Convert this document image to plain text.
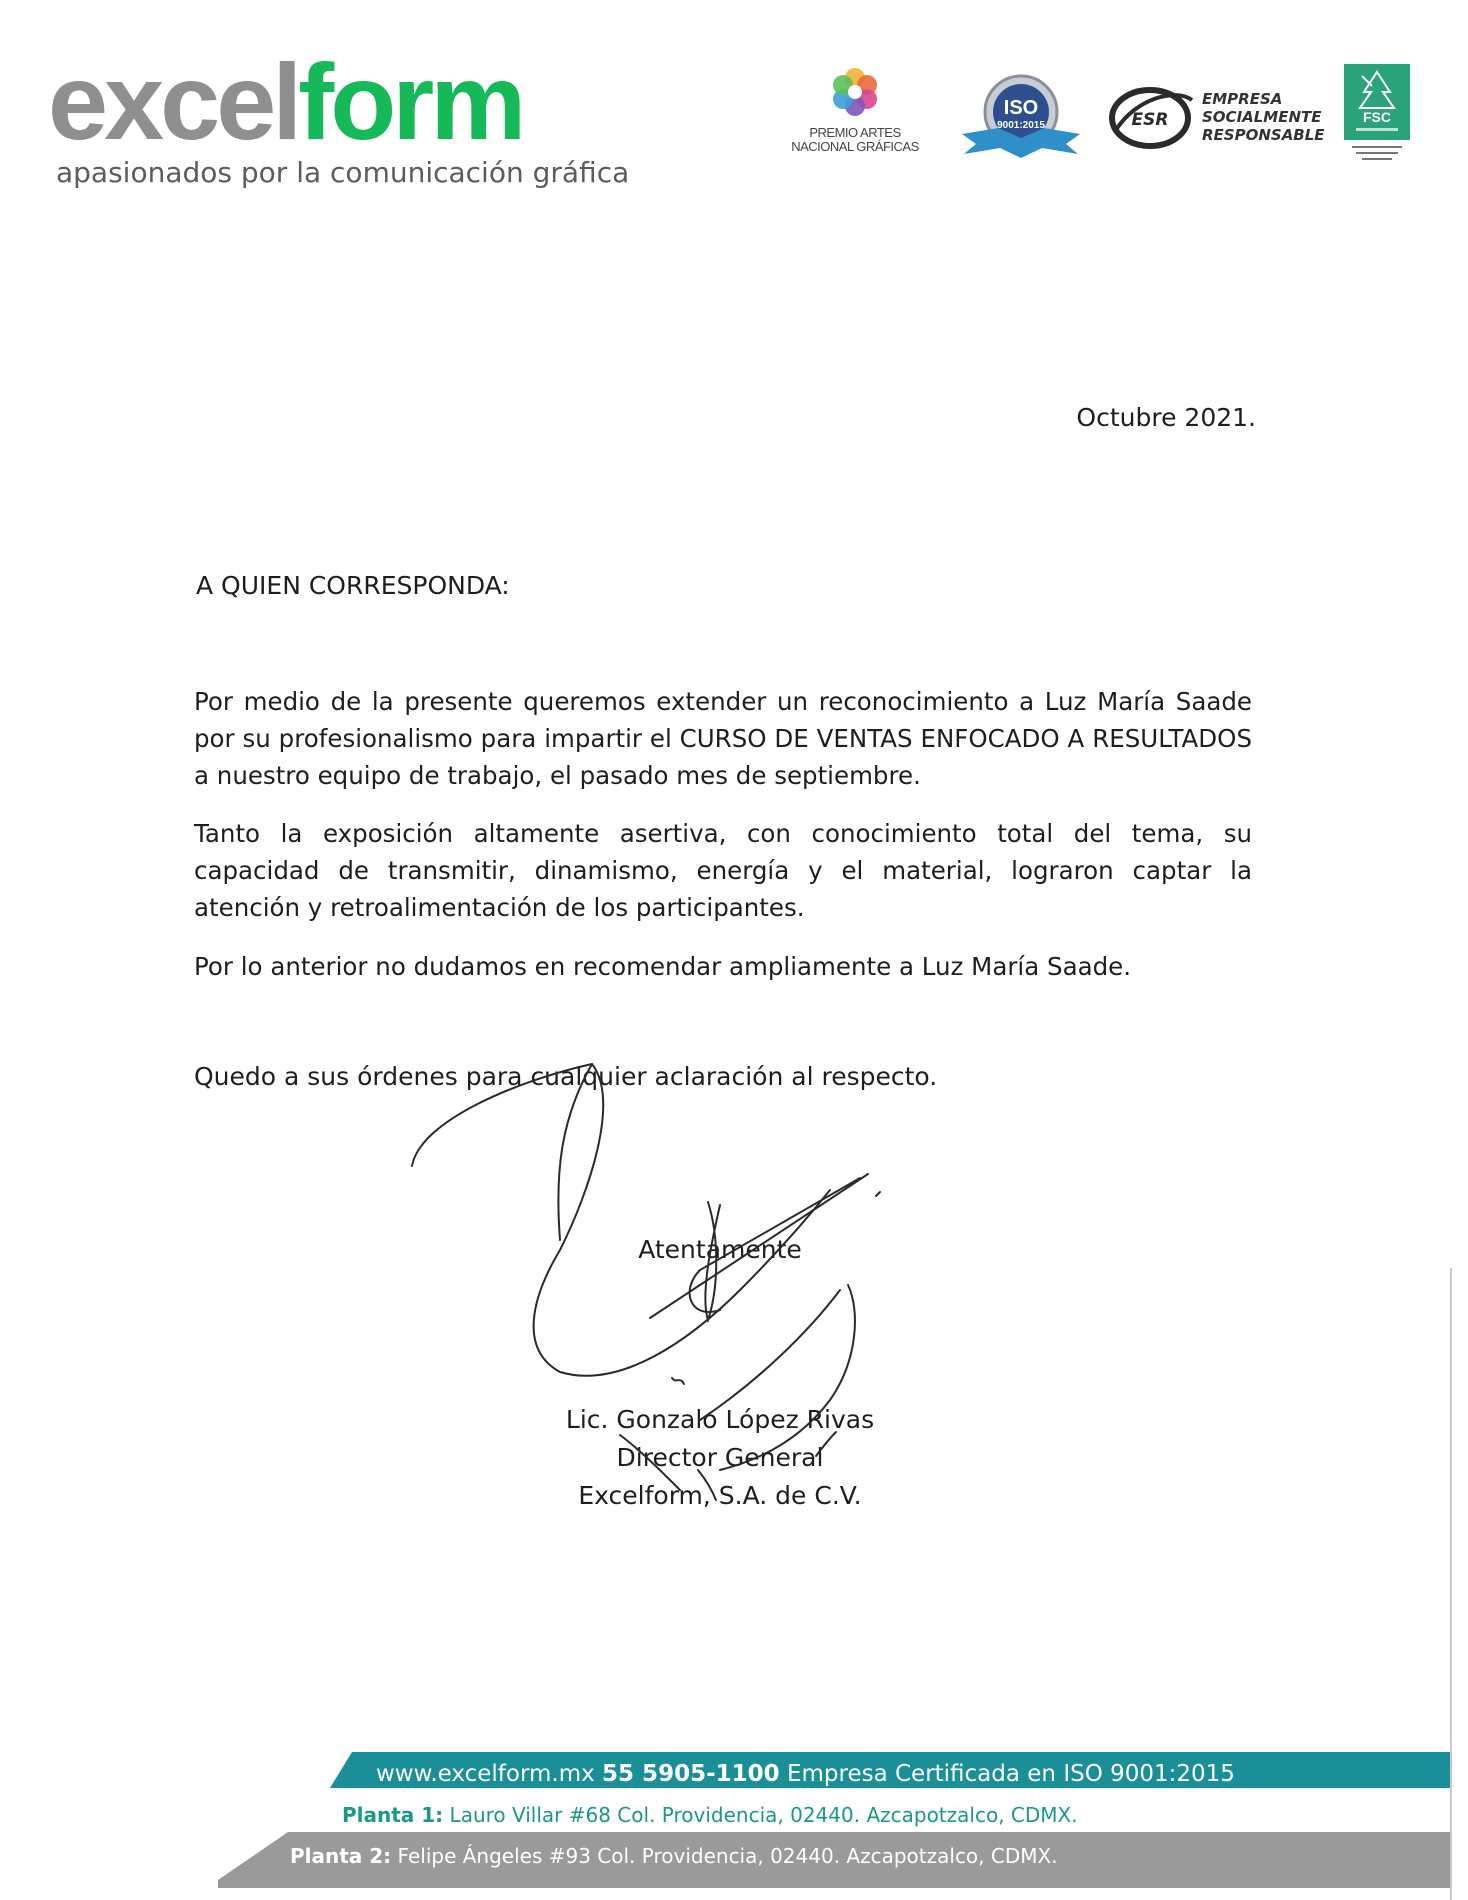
excelform
apasionados por la comunicación gráfica
PREMIO ARTES NACIONAL GRÁFICAS
ISO
9001:2015	ESR
EMPRESA
SOCIALMENTE
RESPONSABLE
FSC
Octubre 2021.
A QUIEN CORRESPONDA:
Por medio de la presente queremos extender un reconocimiento a Luz María Saade por su profesionalismo para impartir el CURSO DE VENTAS ENFOCADO A RESULTADOS a nuestro equipo de trabajo, el pasado mes de septiembre.
Tanto la exposición altamente asertiva, con conocimiento total del tema, su capacidad de transmitir, dinamismo, energía y el material, lograron captar la atención y retroalimentación de los participantes.
Por lo anterior no dudamos en recomendar ampliamente a Luz María Saade.
Quedo a sus órdenes para cualquier aclaración al respecto.
Atentamente
Lic. Gonzalo López Rivas
Director General
Excelform, S.A. de C.V.
www.excelform.mx 55 5905-1100 Empresa Certificada en ISO 9001:2015
Planta 1: Lauro Villar #68 Col. Providencia, 02440. Azcapotzalco, CDMX.
Planta 2: Felipe Ángeles #93 Col. Providencia, 02440. Azcapotzalco, CDMX.
